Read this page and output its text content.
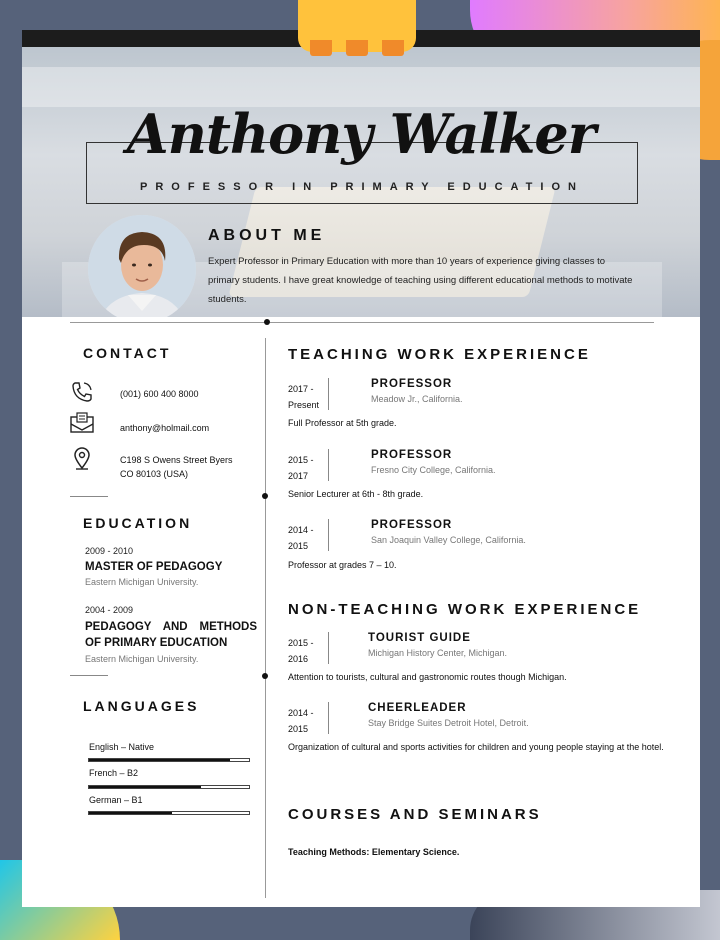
Anthony Walker
PROFESSOR IN PRIMARY EDUCATION
ABOUT ME
Expert Professor in Primary Education with more than 10 years of experience giving classes to primary students. I have great knowledge of teaching using different educational methods to motivate students.
CONTACT
(001) 600 400 8000
anthony@holmail.com
C198 S Owens Street Byers
CO 80103 (USA)
EDUCATION
2009 - 2010
MASTER OF PEDAGOGY
Eastern Michigan University.
2004 - 2009
PEDAGOGY AND METHODS OF PRIMARY EDUCATION
Eastern Michigan University.
LANGUAGES
English – Native
French – B2
German – B1
TEACHING WORK EXPERIENCE
2017 -
Present
PROFESSOR
Meadow Jr., California.
Full Professor at 5th grade.
2015 -
2017
PROFESSOR
Fresno City College, California.
Senior Lecturer at 6th - 8th grade.
2014 -
2015
PROFESSOR
San Joaquin Valley College, California.
Professor at grades 7 – 10.
NON-TEACHING WORK EXPERIENCE
2015 -
2016
TOURIST GUIDE
Michigan History Center, Michigan.
Attention to tourists, cultural and gastronomic routes though Michigan.
2014 -
2015
CHEERLEADER
Stay Bridge Suites Detroit Hotel, Detroit.
Organization of cultural and sports activities for children and young people staying at the hotel.
COURSES AND SEMINARS
Teaching Methods: Elementary Science.
